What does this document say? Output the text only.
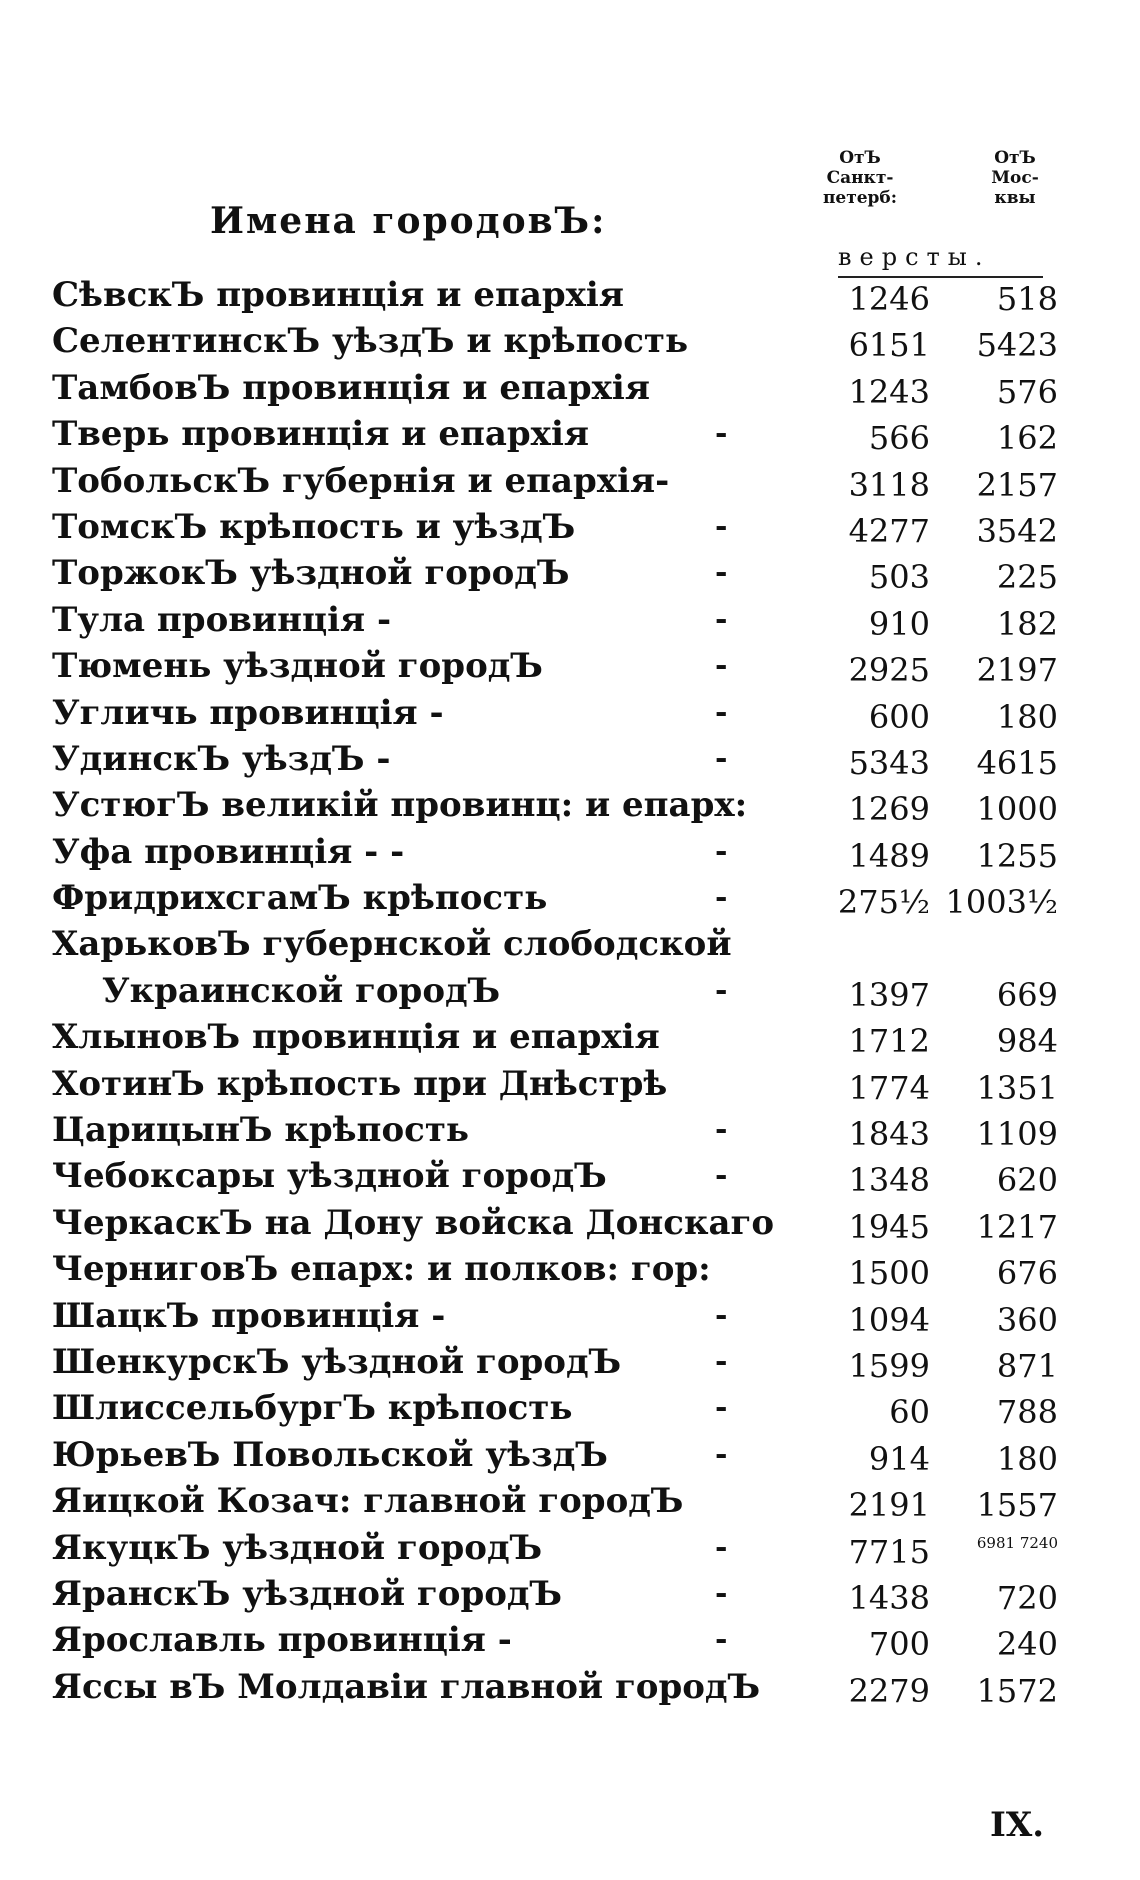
Имена городовЪ:
ОтЪ
Санкт-
петерб:
ОтЪ
Мос-
квы
версты.
СѣвскЪ провинція и епархія	1246	518
СелентинскЪ уѣздЪ и крѣпость	6151	5423
ТамбовЪ провинція и епархія	1243	576
Тверь провинція и епархія	-	566	162
ТобольскЪ губернія и епархія-	3118	2157
ТомскЪ крѣпость и уѣздЪ	-	4277	3542
ТоржокЪ уѣздной городЪ	-	503	225
Тула провинція -	-	910	182
Тюмень уѣздной городЪ	-	2925	2197
Угличь провинція -	-	600	180
УдинскЪ уѣздЪ -	-	5343	4615
УстюгЪ великій провинц: и епарх:	1269	1000
Уфа провинція - -	-	1489	1255
ФридрихсгамЪ крѣпость	-	275½ 1003½
ХарьковЪ губернской слободской
Украинской городЪ	-	1397	669
ХлыновЪ провинція и епархія	1712	984
ХотинЪ крѣпость при Днѣстрѣ	1774	1351
ЦарицынЪ крѣпость	-	1843	1109
Чебоксары уѣздной городЪ	-	1348	620
ЧеркаскЪ на Дону войска Донскаго	1945	1217
ЧерниговЪ епарх: и полков: гор:	1500	676
ШацкЪ провинція -	-	1094	360
ШенкурскЪ уѣздной городЪ	-	1599	871
ШлиссельбургЪ крѣпость	-	60	788
ЮрьевЪ Повольской уѣздЪ	-	914	180
Яицкой Козач: главной городЪ	2191	1557
ЯкуцкЪ уѣздной городЪ	-	7715	6981 7240
ЯранскЪ уѣздной городЪ	-	1438	720
Ярославль провинція -	-	700	240
Яссы вЪ Молдавіи главной городЪ	2279	1572
IX.
